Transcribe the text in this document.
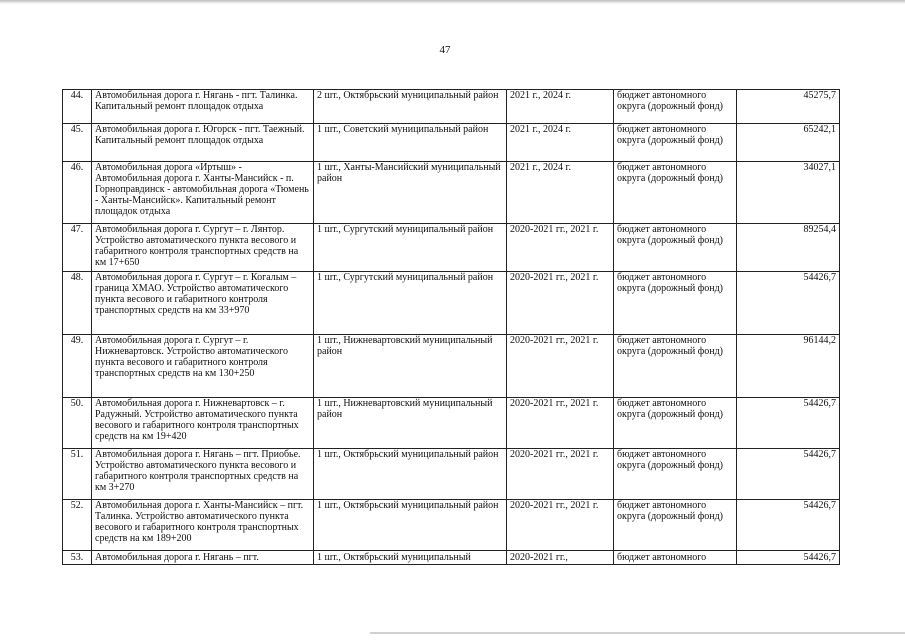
47
44.	Автомобильная дорога г. Нягань - пгт. Талинка. Капитальный ремонт площадок отдыха	2 шт., Октябрьский муниципальный район	2021 г., 2024 г.	бюджет автономного округа (дорожный фонд)	45275,7
45.	Автомобильная дорога г. Югорск - пгт. Таежный. Капитальный ремонт площадок отдыха	1 шт., Советский муниципальный район	2021 г., 2024 г.	бюджет автономного округа (дорожный фонд)	65242,1
46.	Автомобильная дорога «Иртыш» - Автомобильная дорога г. Ханты-Мансийск - п. Горноправдинск - автомобильная дорога «Тюмень - Ханты-Мансийск». Капитальный ремонт площадок отдыха	1 шт., Ханты-Мансийский муниципальный район	2021 г., 2024 г.	бюджет автономного округа (дорожный фонд)	34027,1
47.	Автомобильная дорога г. Сургут – г. Лянтор. Устройство автоматического пункта весового и габаритного контроля транспортных средств на км 17+650	1 шт., Сургутский муниципальный район	2020-2021 гг., 2021 г.	бюджет автономного округа (дорожный фонд)	89254,4
48.	Автомобильная дорога г. Сургут – г. Когалым – граница ХМАО. Устройство автоматического пункта весового и габаритного контроля транспортных средств на км 33+970	1 шт., Сургутский муниципальный район	2020-2021 гг., 2021 г.	бюджет автономного округа (дорожный фонд)	54426,7
49.	Автомобильная дорога г. Сургут – г. Нижневартовск. Устройство автоматического пункта весового и габаритного контроля транспортных средств на км 130+250	1 шт., Нижневартовский муниципальный район	2020-2021 гг., 2021 г.	бюджет автономного округа (дорожный фонд)	96144,2
50.	Автомобильная дорога г. Нижневартовск – г. Радужный. Устройство автоматического пункта весового и габаритного контроля транспортных средств на км 19+420	1 шт., Нижневартовский муниципальный район	2020-2021 гг., 2021 г.	бюджет автономного округа (дорожный фонд)	54426,7
51.	Автомобильная дорога г. Нягань – пгт. Приобье. Устройство автоматического пункта весового и габаритного контроля транспортных средств на км 3+270	1 шт., Октябрьский муниципальный район	2020-2021 гг., 2021 г.	бюджет автономного округа (дорожный фонд)	54426,7
52.	Автомобильная дорога г. Ханты-Мансийск – пгт. Талинка. Устройство автоматического пункта весового и габаритного контроля транспортных средств на км 189+200	1 шт., Октябрьский муниципальный район	2020-2021 гг., 2021 г.	бюджет автономного округа (дорожный фонд)	54426,7
53.	Автомобильная дорога г. Нягань – пгт.	1 шт., Октябрьский муниципальный	2020-2021 гг.,	бюджет автономного	54426,7
